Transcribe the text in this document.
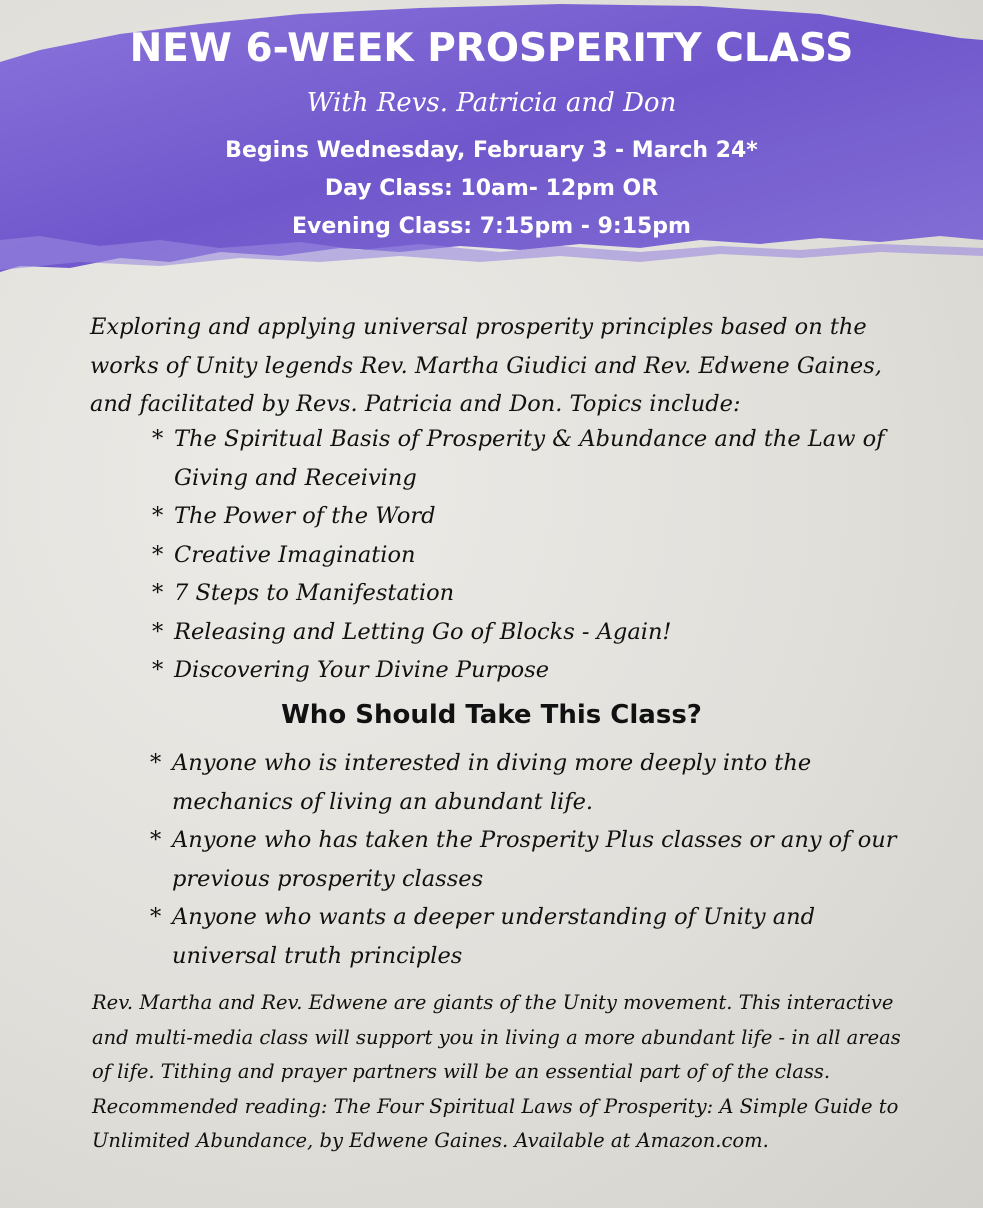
NEW 6-WEEK PROSPERITY CLASS
With Revs. Patricia and Don
Begins Wednesday, February 3 - March 24*
Day Class: 10am- 12pm OR
Evening Class: 7:15pm - 9:15pm
Exploring and applying universal prosperity principles based on the works of Unity legends Rev. Martha Giudici and Rev. Edwene Gaines, and facilitated by Revs. Patricia and Don. Topics include:
* The Spiritual Basis of Prosperity & Abundance and the Law of Giving and Receiving
* The Power of the Word
* Creative Imagination
* 7 Steps to Manifestation
* Releasing and Letting Go of Blocks - Again!
* Discovering Your Divine Purpose
Who Should Take This Class?
* Anyone who is interested in diving more deeply into the mechanics of living an abundant life.
* Anyone who has taken the Prosperity Plus classes or any of our previous prosperity classes
* Anyone who wants a deeper understanding of Unity and universal truth principles
Rev. Martha and Rev. Edwene are giants of the Unity movement. This interactive and multi-media class will support you in living a more abundant life - in all areas of life. Tithing and prayer partners will be an essential part of of the class. Recommended reading: The Four Spiritual Laws of Prosperity: A Simple Guide to Unlimited Abundance, by Edwene Gaines. Available at Amazon.com.
